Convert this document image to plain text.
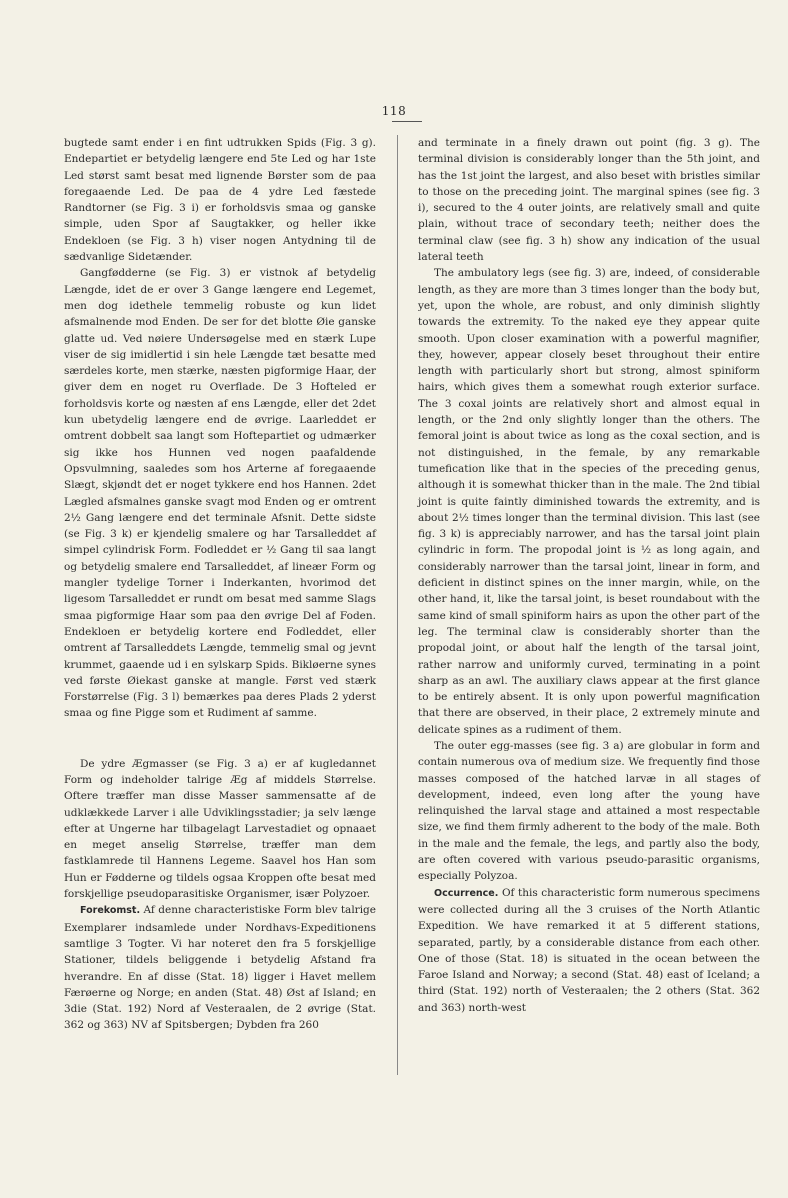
118

bugtede samt ender i en fint udtrukken Spids (Fig. 3 g). Endepartiet er betydelig længere end 5te Led og har 1ste Led størst samt besat med lignende Børster som de paa foregaaende Led. De paa de 4 ydre Led fæstede Randtorner (se Fig. 3 i) er forholdsvis smaa og ganske simple, uden Spor af Saugtakker, og heller ikke Endekloen (se Fig. 3 h) viser nogen Antydning til de sædvanlige Sidetænder.

Gangfødderne (se Fig. 3) er vistnok af betydelig Længde, idet de er over 3 Gange længere end Legemet, men dog idethele temmelig robuste og kun lidet afsmalnende mod Enden. De ser for det blotte Øie ganske glatte ud. Ved nøiere Undersøgelse med en stærk Lupe viser de sig imidlertid i sin hele Længde tæt besatte med særdeles korte, men stærke, næsten pigformige Haar, der giver dem en noget ru Overflade. De 3 Hofteled er forholdsvis korte og næsten af ens Længde, eller det 2det kun ubetydelig længere end de øvrige. Laarleddet er omtrent dobbelt saa langt som Hoftepartiet og udmærker sig ikke hos Hunnen ved nogen paafaldende Opsvulmning, saaledes som hos Arterne af foregaaende Slægt, skjøndt det er noget tykkere end hos Hannen. 2det Lægled afsmalnes ganske svagt mod Enden og er omtrent 2½ Gang længere end det terminale Afsnit. Dette sidste (se Fig. 3 k) er kjendelig smalere og har Tarsalleddet af simpel cylindrisk Form. Fodleddet er ½ Gang til saa langt og betydelig smalere end Tarsalleddet, af lineær Form og mangler tydelige Torner i Inderkanten, hvorimod det ligesom Tarsalleddet er rundt om besat med samme Slags smaa pigformige Haar som paa den øvrige Del af Foden. Endekloen er betydelig kortere end Fodleddet, eller omtrent af Tarsalleddets Længde, temmelig smal og jevnt krummet, gaaende ud i en sylskarp Spids. Bikløerne synes ved første Øiekast ganske at mangle. Først ved stærk Forstørrelse (Fig. 3 l) bemærkes paa deres Plads 2 yderst smaa og fine Pigge som et Rudiment af samme.

De ydre Ægmasser (se Fig. 3 a) er af kugledannet Form og indeholder talrige Æg af middels Størrelse. Oftere træffer man disse Masser sammensatte af de udklækkede Larver i alle Udviklingsstadier; ja selv længe efter at Ungerne har tilbagelagt Larvestadiet og opnaaet en meget anselig Størrelse, træffer man dem fastklamrede til Hannens Legeme. Saavel hos Han som Hun er Fødderne og tildels ogsaa Kroppen ofte besat med forskjellige pseudoparasitiske Organismer, især Polyzoer.

Forekomst. Af denne characteristiske Form blev talrige Exemplarer indsamlede under Nordhavs-Expeditionens samtlige 3 Togter. Vi har noteret den fra 5 forskjellige Stationer, tildels beliggende i betydelig Afstand fra hverandre. En af disse (Stat. 18) ligger i Havet mellem Færøerne og Norge; en anden (Stat. 48) Øst af Island; en 3die (Stat. 192) Nord af Vesteraalen, de 2 øvrige (Stat. 362 og 363) NV af Spitsbergen; Dybden fra 260

and terminate in a finely drawn out point (fig. 3 g). The terminal division is considerably longer than the 5th joint, and has the 1st joint the largest, and also beset with bristles similar to those on the preceding joint. The marginal spines (see fig. 3 i), secured to the 4 outer joints, are relatively small and quite plain, without trace of secondary teeth; neither does the terminal claw (see fig. 3 h) show any indication of the usual lateral teeth

The ambulatory legs (see fig. 3) are, indeed, of considerable length, as they are more than 3 times longer than the body but, yet, upon the whole, are robust, and only diminish slightly towards the extremity. To the naked eye they appear quite smooth. Upon closer examination with a powerful magnifier, they, however, appear closely beset throughout their entire length with particularly short but strong, almost spiniform hairs, which gives them a somewhat rough exterior surface. The 3 coxal joints are relatively short and almost equal in length, or the 2nd only slightly longer than the others. The femoral joint is about twice as long as the coxal section, and is not distinguished, in the female, by any remarkable tumefication like that in the species of the preceding genus, although it is somewhat thicker than in the male. The 2nd tibial joint is quite faintly diminished towards the extremity, and is about 2½ times longer than the terminal division. This last (see fig. 3 k) is appreciably narrower, and has the tarsal joint plain cylindric in form. The propodal joint is ½ as long again, and considerably narrower than the tarsal joint, linear in form, and deficient in distinct spines on the inner margin, while, on the other hand, it, like the tarsal joint, is beset roundabout with the same kind of small spiniform hairs as upon the other part of the leg. The terminal claw is considerably shorter than the propodal joint, or about half the length of the tarsal joint, rather narrow and uniformly curved, terminating in a point sharp as an awl. The auxiliary claws appear at the first glance to be entirely absent. It is only upon powerful magnification that there are observed, in their place, 2 extremely minute and delicate spines as a rudiment of them.

The outer egg-masses (see fig. 3 a) are globular in form and contain numerous ova of medium size. We frequently find those masses composed of the hatched larvæ in all stages of development, indeed, even long after the young have relinquished the larval stage and attained a most respectable size, we find them firmly adherent to the body of the male. Both in the male and the female, the legs, and partly also the body, are often covered with various pseudo-parasitic organisms, especially Polyzoa.

Occurrence. Of this characteristic form numerous specimens were collected during all the 3 cruises of the North Atlantic Expedition. We have remarked it at 5 different stations, separated, partly, by a considerable distance from each other. One of those (Stat. 18) is situated in the ocean between the Faroe Island and Norway; a second (Stat. 48) east of Iceland; a third (Stat. 192) north of Vesteraalen; the 2 others (Stat. 362 and 363) north-west
